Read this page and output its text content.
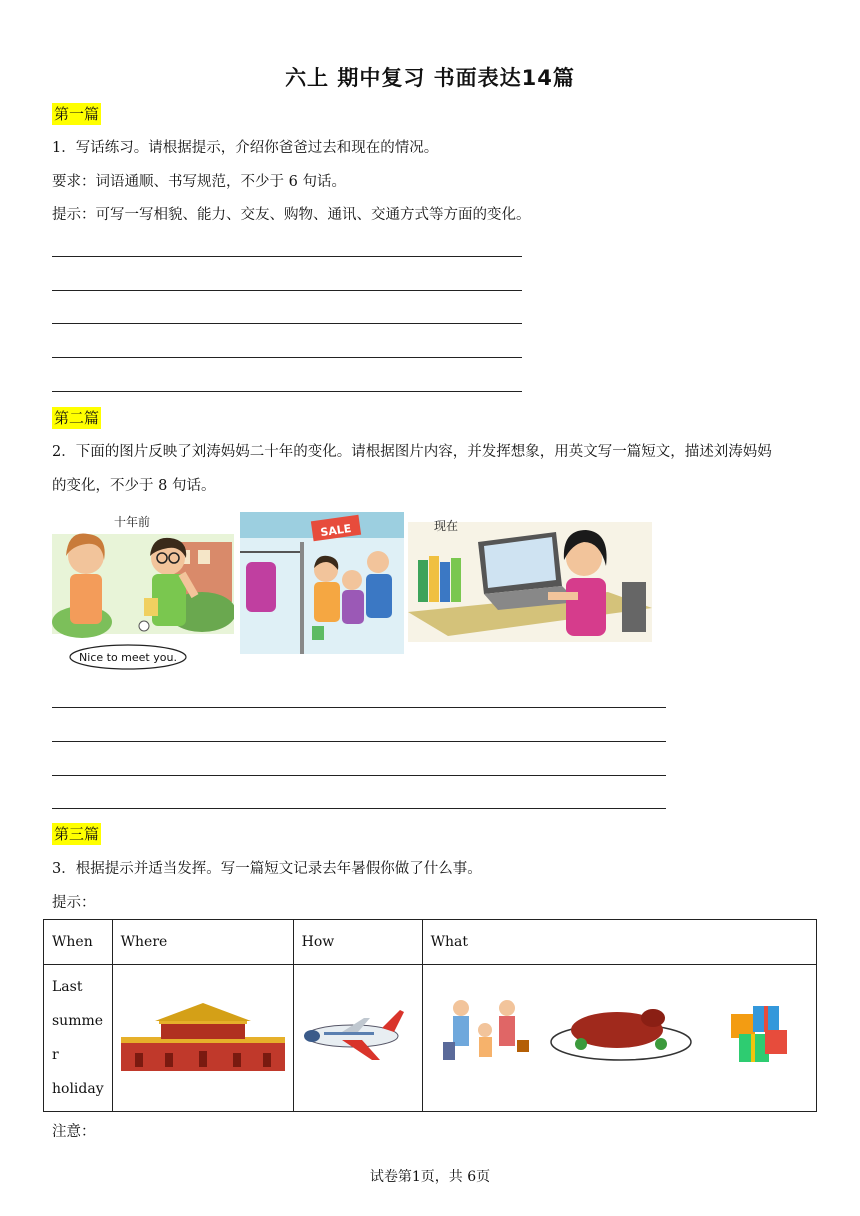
六上 期中复习 书面表达14篇
第一篇
1．写话练习。请根据提示，介绍你爸爸过去和现在的情况。
要求：词语通顺、书写规范，不少于 6 句话。
提示：可写一写相貌、能力、交友、购物、通讯、交通方式等方面的变化。
第二篇
2．下面的图片反映了刘涛妈妈二十年的变化。请根据图片内容，并发挥想象，用英文写一篇短文，描述刘涛妈妈
的变化，不少于 8 句话。
十年前
Nice to meet you.
SALE	现在
第三篇
3．根据提示并适当发挥。写一篇短文记录去年暑假你做了什么事。
提示：
When	Where	How	What

Last
summe
r
holiday

注意：
试卷第1页，共 6页
